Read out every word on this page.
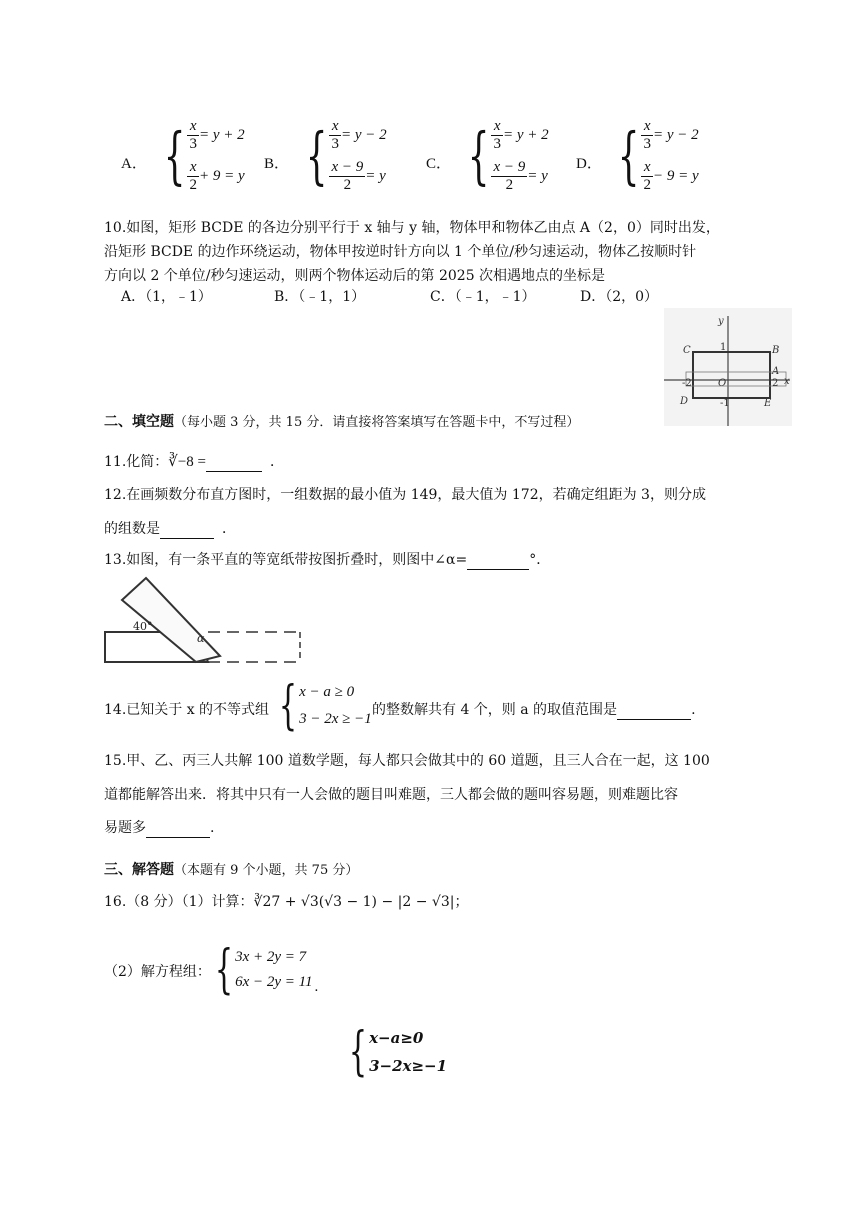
A． { $\frac{x}{3} = y + 2$
$\frac{x}{2} + 9 = y$
B． { $\frac{x}{3} = y - 2$
$\frac{x - 9}{2} = y$
C． { $\frac{x}{3} = y + 2$
$\frac{x - 9}{2} = y$
D． { $\frac{x}{3} = y - 2$
$\frac{x}{2} - 9 = y$
10.如图，矩形 BCDE 的各边分别平行于 x 轴与 y 轴，物体甲和物体乙由点 A（2，0）同时出发，
沿矩形 BCDE 的边作环绕运动，物体甲按逆时针方向以 1 个单位/秒匀速运动，物体乙按顺时针
方向以 2 个单位/秒匀速运动，则两个物体运动后的第 2025 次相遇地点的坐标是
A．（1，﹣1）	B．（﹣1，1）	C．（﹣1，﹣1）	D．（2，0）
y
x
C	B
A
O
D	E
1
-1
2
-2
二、填空题（每小题 3 分，共 15 分．请直接将答案填写在答题卡中，不写过程）
11.化简：∛−8 =	．
12.在画频数分布直方图时，一组数据的最小值为 149，最大值为 172，若确定组距为 3，则分成
的组数是	．
13.如图，有一条平直的等宽纸带按图折叠时，则图中∠α=	°．
40°
α
14.已知关于 x 的不等式组 { x − a ≥ 0
3 − 2x ≥ −1
的整数解共有 4 个，则 a 的取值范围是	.
15.甲、乙、丙三人共解 100 道数学题，每人都只会做其中的 60 道题，且三人合在一起，这 100
道都能解答出来．将其中只有一人会做的题目叫难题，三人都会做的题叫容易题，则难题比容
易题多	.
三、解答题（本题有 9 个小题，共 75 分）
16.（8 分）（1）计算：∛27 + √3(√3 − 1) − |2 − √3|；
（2）解方程组： { 3x + 2y = 7
6x − 2y = 11 .
{ x−a≥0
3−2x≥−1
